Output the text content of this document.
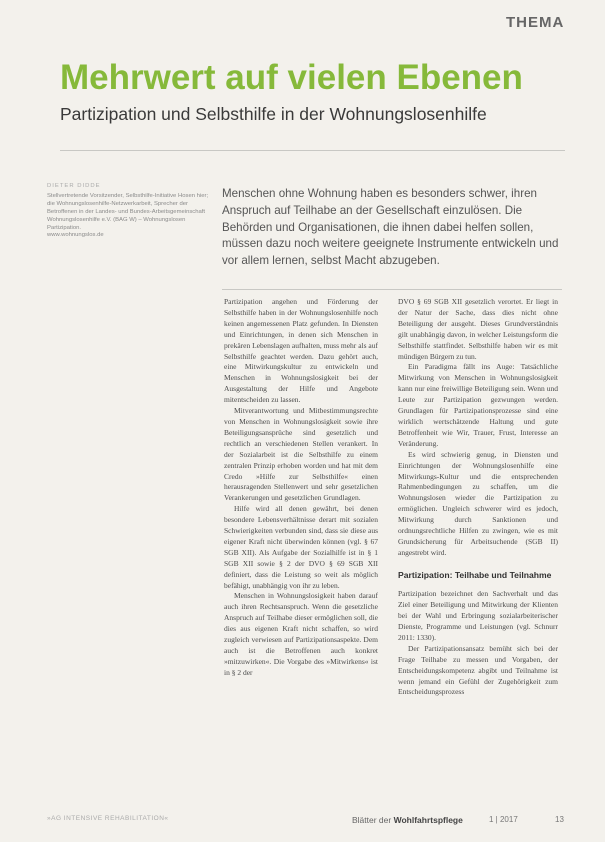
THEMA
Mehrwert auf vielen Ebenen
Partizipation und Selbsthilfe in der Wohnungslosenhilfe
DIETER DIDDE
Stellvertretende Vorsitzender, Selbsthilfe-Initiative Hosen hier; die Wohnungslosenhilfe-Netzwerkarbeit, Sprecher der Betroffenen in der Landes- und Bundes-Arbeitsgemeinschaft Wohnungslosenhilfe e.V. (BAG W) – Wohnungslosen Partizipation.
www.wohnungslos.de
Menschen ohne Wohnung haben es besonders schwer, ihren Anspruch auf Teilhabe an der Gesellschaft einzulösen. Die Behörden und Organisationen, die ihnen dabei helfen sollen, müssen dazu noch weitere geeignete Instrumente entwickeln und vor allem lernen, selbst Macht abzugeben.

Partizipation angehen und Förderung der Selbsthilfe haben in der Wohnungslosenhilfe noch keinen angemessenen Platz gefunden. In Diensten und Einrichtungen, in denen sich Menschen in prekären Lebenslagen aufhalten, muss mehr als auf Selbsthilfe geachtet werden. Dazu gehört auch, eine Mitwirkungskultur zu entwickeln und Menschen in Wohnungslosigkeit bei der Ausgestaltung der Hilfe und Angebote mitentscheiden zu lassen.

Mitverantwortung und Mitbestimmungsrechte von Menschen in Wohnungslosigkeit sowie ihre Beteiligungsansprüche sind gesetzlich und rechtlich an verschiedenen Stellen verankert. In der Sozialarbeit ist die Selbsthilfe zu einem zentralen Prinzip erhoben worden und hat mit dem Credo »Hilfe zur Selbsthilfe« einen herausragenden Stellenwert und sehr gesetzlichen Verankerungen und gesetzlichen Grundlagen.

Hilfe wird all denen gewährt, bei denen besondere Lebensverhältnisse derart mit sozialen Schwierigkeiten verbunden sind, dass sie diese aus eigener Kraft nicht überwinden können (vgl. § 67 SGB XII). Als Aufgabe der Sozialhilfe ist in § 1 SGB XII sowie § 2 der DVO § 69 SGB XII definiert, dass die Leistung so weit als möglich befähigt, unabhängig von ihr zu leben.

Menschen in Wohnungslosigkeit haben darauf auch ihren Rechtsanspruch. Wenn die gesetzliche Anspruch auf Teilhabe dieser ermöglichen soll, die dies aus eigenen Kraft nicht schaffen, so wird zugleich verwiesen auf Partizipationsaspekte. Dem auch ist die Betroffenen auch konkret »mitzuwirken«. Die Vorgabe des »Mitwirkens« ist in § 2 der

DVO § 69 SGB XII gesetzlich verortet. Er liegt in der Natur der Sache, dass dies nicht ohne Beteiligung der ausgeht. Dieses Grundverständnis gilt unabhängig davon, in welcher Leistungsform die Selbsthilfe stattfindet. Selbsthilfe haben wir es mit mündigen Bürgern zu tun.

Ein Paradigma fällt ins Auge: Tatsächliche Mitwirkung von Menschen in Wohnungslosigkeit kann nur eine freiwillige Beteiligung sein. Wenn und Leute zur Partizipation gezwungen werden. Grundlagen für Partizipationsprozesse sind eine wirklich wertschätzende Haltung und gute Betroffenheit wie Wir, Trauer, Frust, Interesse an Veränderung.

Es wird schwierig genug, in Diensten und Einrichtungen der Wohnungslosenhilfe eine Mitwirkungs-Kultur und die entsprechenden Rahmenbedingungen zu schaffen, um die Wohnungslosen wieder die Partizipation zu ermöglichen. Ungleich schwerer wird es jedoch, Mitwirkung durch Sanktionen und ordnungsrechtliche Hilfen zu zwingen, wie es mit Grundsicherung für Arbeitsuchende (SGB II) angestrebt wird.

Partizipation: Teilhabe und Teilnahme

Partizipation bezeichnet den Sachverhalt und das Ziel einer Beteiligung und Mitwirkung der Klienten bei der Wahl und Erbringung sozialarbeiterischer Dienste, Programme und Leistungen (vgl. Schnurr 2011: 1330).

Der Partizipationsansatz bemüht sich bei der Frage Teilhabe zu messen und Vorgaben, der Entscheidungskompetenz abgibt und Teilnahme ist wenn jemand ein Gefühl der Zugehörigkeit zum Entscheidungsprozess

»AG INTENSIVE REHABILITATION«	Blätter der Wohlfahrtspflege	1 | 2017	13
